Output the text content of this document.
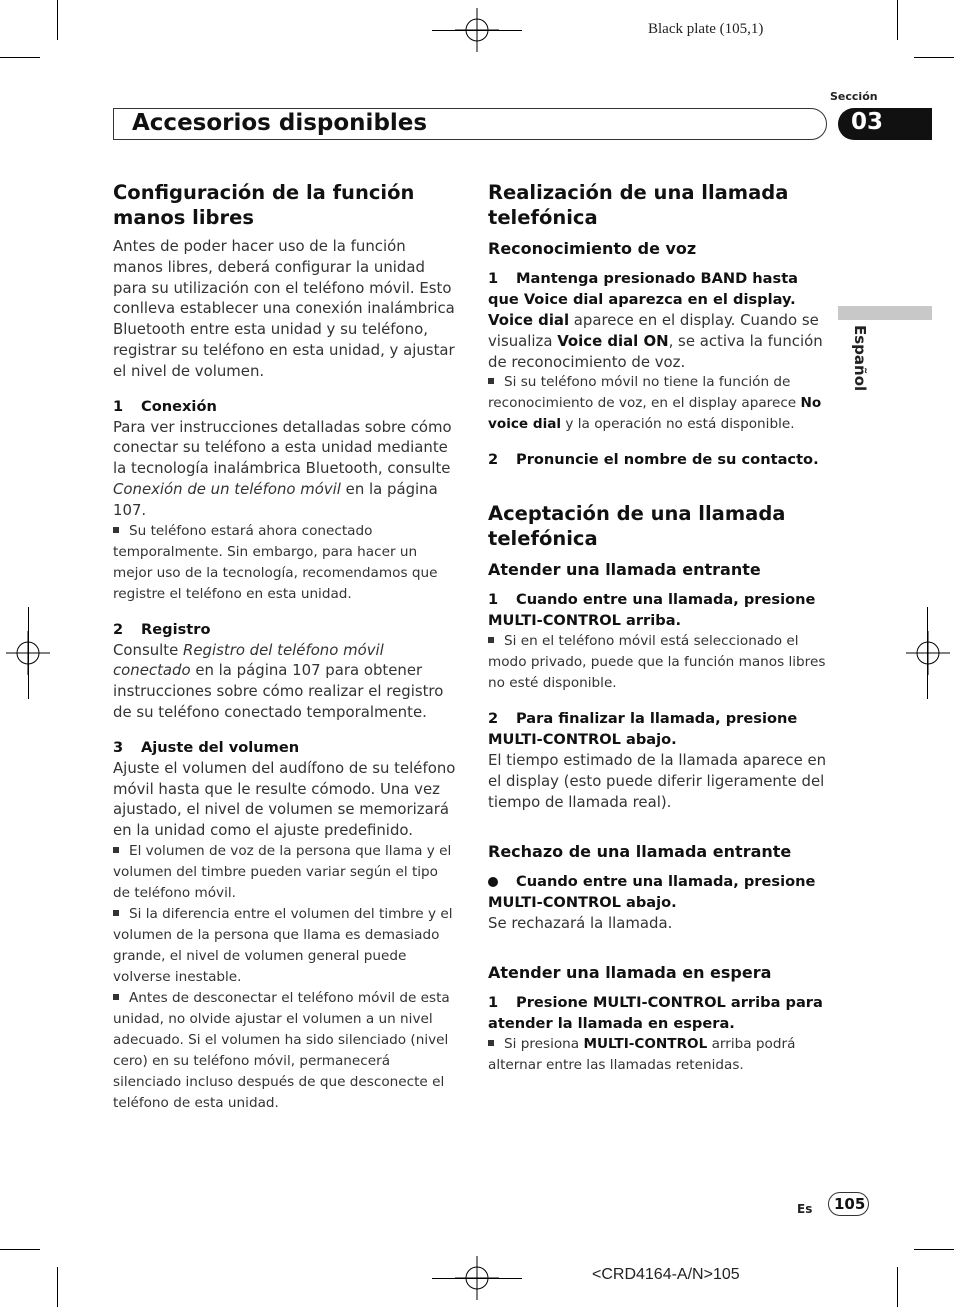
Black plate (105,1)
<CRD4164-A/N>105
Sección
Accesorios disponibles	03
Español
Configuración de la función manos libres

Antes de poder hacer uso de la función manos libres, deberá configurar la unidad para su utilización con el teléfono móvil. Esto conlleva establecer una conexión inalámbrica Bluetooth entre esta unidad y su teléfono, registrar su teléfono en esta unidad, y ajustar el nivel de volumen.

1 Conexión

Para ver instrucciones detalladas sobre cómo conectar su teléfono a esta unidad mediante la tecnología inalámbrica Bluetooth, consulte Conexión de un teléfono móvil en la página 107.

Su teléfono estará ahora conectado temporalmente. Sin embargo, para hacer un mejor uso de la tecnología, recomendamos que registre el teléfono en esta unidad.

2 Registro

Consulte Registro del teléfono móvil conectado en la página 107 para obtener instrucciones sobre cómo realizar el registro de su teléfono conectado temporalmente.

3 Ajuste del volumen

Ajuste el volumen del audífono de su teléfono móvil hasta que le resulte cómodo. Una vez ajustado, el nivel de volumen se memorizará en la unidad como el ajuste predefinido.

El volumen de voz de la persona que llama y el volumen del timbre pueden variar según el tipo de teléfono móvil.

Si la diferencia entre el volumen del timbre y el volumen de la persona que llama es demasiado grande, el nivel de volumen general puede volverse inestable.

Antes de desconectar el teléfono móvil de esta unidad, no olvide ajustar el volumen a un nivel adecuado. Si el volumen ha sido silenciado (nivel cero) en su teléfono móvil, permanecerá silenciado incluso después de que desconecte el teléfono de esta unidad.

Realización de una llamada telefónica

Reconocimiento de voz

1 Mantenga presionado BAND hasta que Voice dial aparezca en el display.

Voice dial aparece en el display. Cuando se visualiza Voice dial ON, se activa la función de reconocimiento de voz.

Si su teléfono móvil no tiene la función de reconocimiento de voz, en el display aparece No voice dial y la operación no está disponible.

2 Pronuncie el nombre de su contacto.

Aceptación de una llamada telefónica

Atender una llamada entrante

1 Cuando entre una llamada, presione MULTI-CONTROL arriba.

Si en el teléfono móvil está seleccionado el modo privado, puede que la función manos libres no esté disponible.

2 Para finalizar la llamada, presione MULTI-CONTROL abajo.

El tiempo estimado de la llamada aparece en el display (esto puede diferir ligeramente del tiempo de llamada real).

Rechazo de una llamada entrante

Cuando entre una llamada, presione MULTI-CONTROL abajo.

Se rechazará la llamada.

Atender una llamada en espera

1 Presione MULTI-CONTROL arriba para atender la llamada en espera.

Si presiona MULTI-CONTROL arriba podrá alternar entre las llamadas retenidas.

Es 105
